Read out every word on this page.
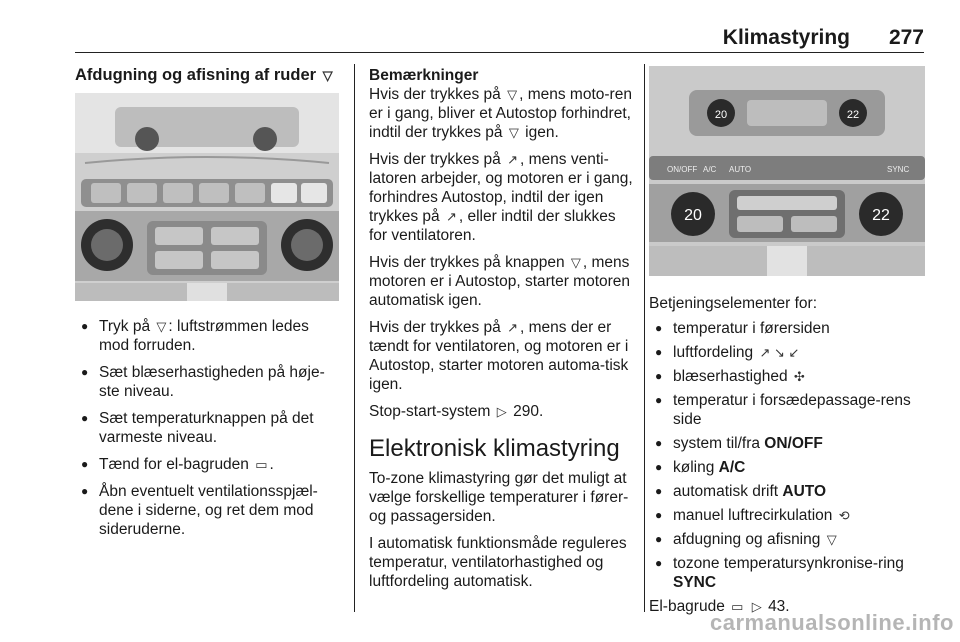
Klimastyring 277
Afdugning og afisning af ruder ▽
● Tryk på ▽ : luftstrømmen ledes mod forruden.
● Sæt blæserhastigheden på høje-ste niveau.
● Sæt temperaturknappen på det varmeste niveau.
● Tænd for el-bagruden ▭ .
● Åbn eventuelt ventilationsspjæl-dene i siderne, og ret dem mod sideruderne.
Bemærkninger

Hvis der trykkes på ▽ , mens moto-ren er i gang, bliver et Autostop forhindret, indtil der trykkes på ▽ igen.

Hvis der trykkes på ↗ , mens venti-latoren arbejder, og motoren er i gang, forhindres Autostop, indtil der igen trykkes på ↗ , eller indtil der slukkes for ventilatoren.

Hvis der trykkes på knappen ▽ , mens motoren er i Autostop, starter motoren automatisk igen.

Hvis der trykkes på ↗ , mens der er tændt for ventilatoren, og motoren er i Autostop, starter motoren automa-tisk igen.

Stop-start-system ▷ 290.

Elektronisk klimastyring

To-zone klimastyring gør det muligt at vælge forskellige temperaturer i fører-og passagersiden.

I automatisk funktionsmåde reguleres temperatur, ventilatorhastighed og luftfordeling automatisk.

20	22
ON/OFF A/C AUTO	SYNC
20	22
Betjeningselementer for:
● temperatur i førersiden
● luftfordeling ↗ ↘ ↙
● blæserhastighed ✣
● temperatur i forsædepassage-rens side
● system til/fra ON/OFF
● køling A/C
● automatisk drift AUTO
● manuel luftrecirkulation ⟲
● afdugning og afisning ▽
● tozone temperatursynkronise-ring SYNC
El-bagrude ▭ ▷ 43.
carmanualsonline.info
